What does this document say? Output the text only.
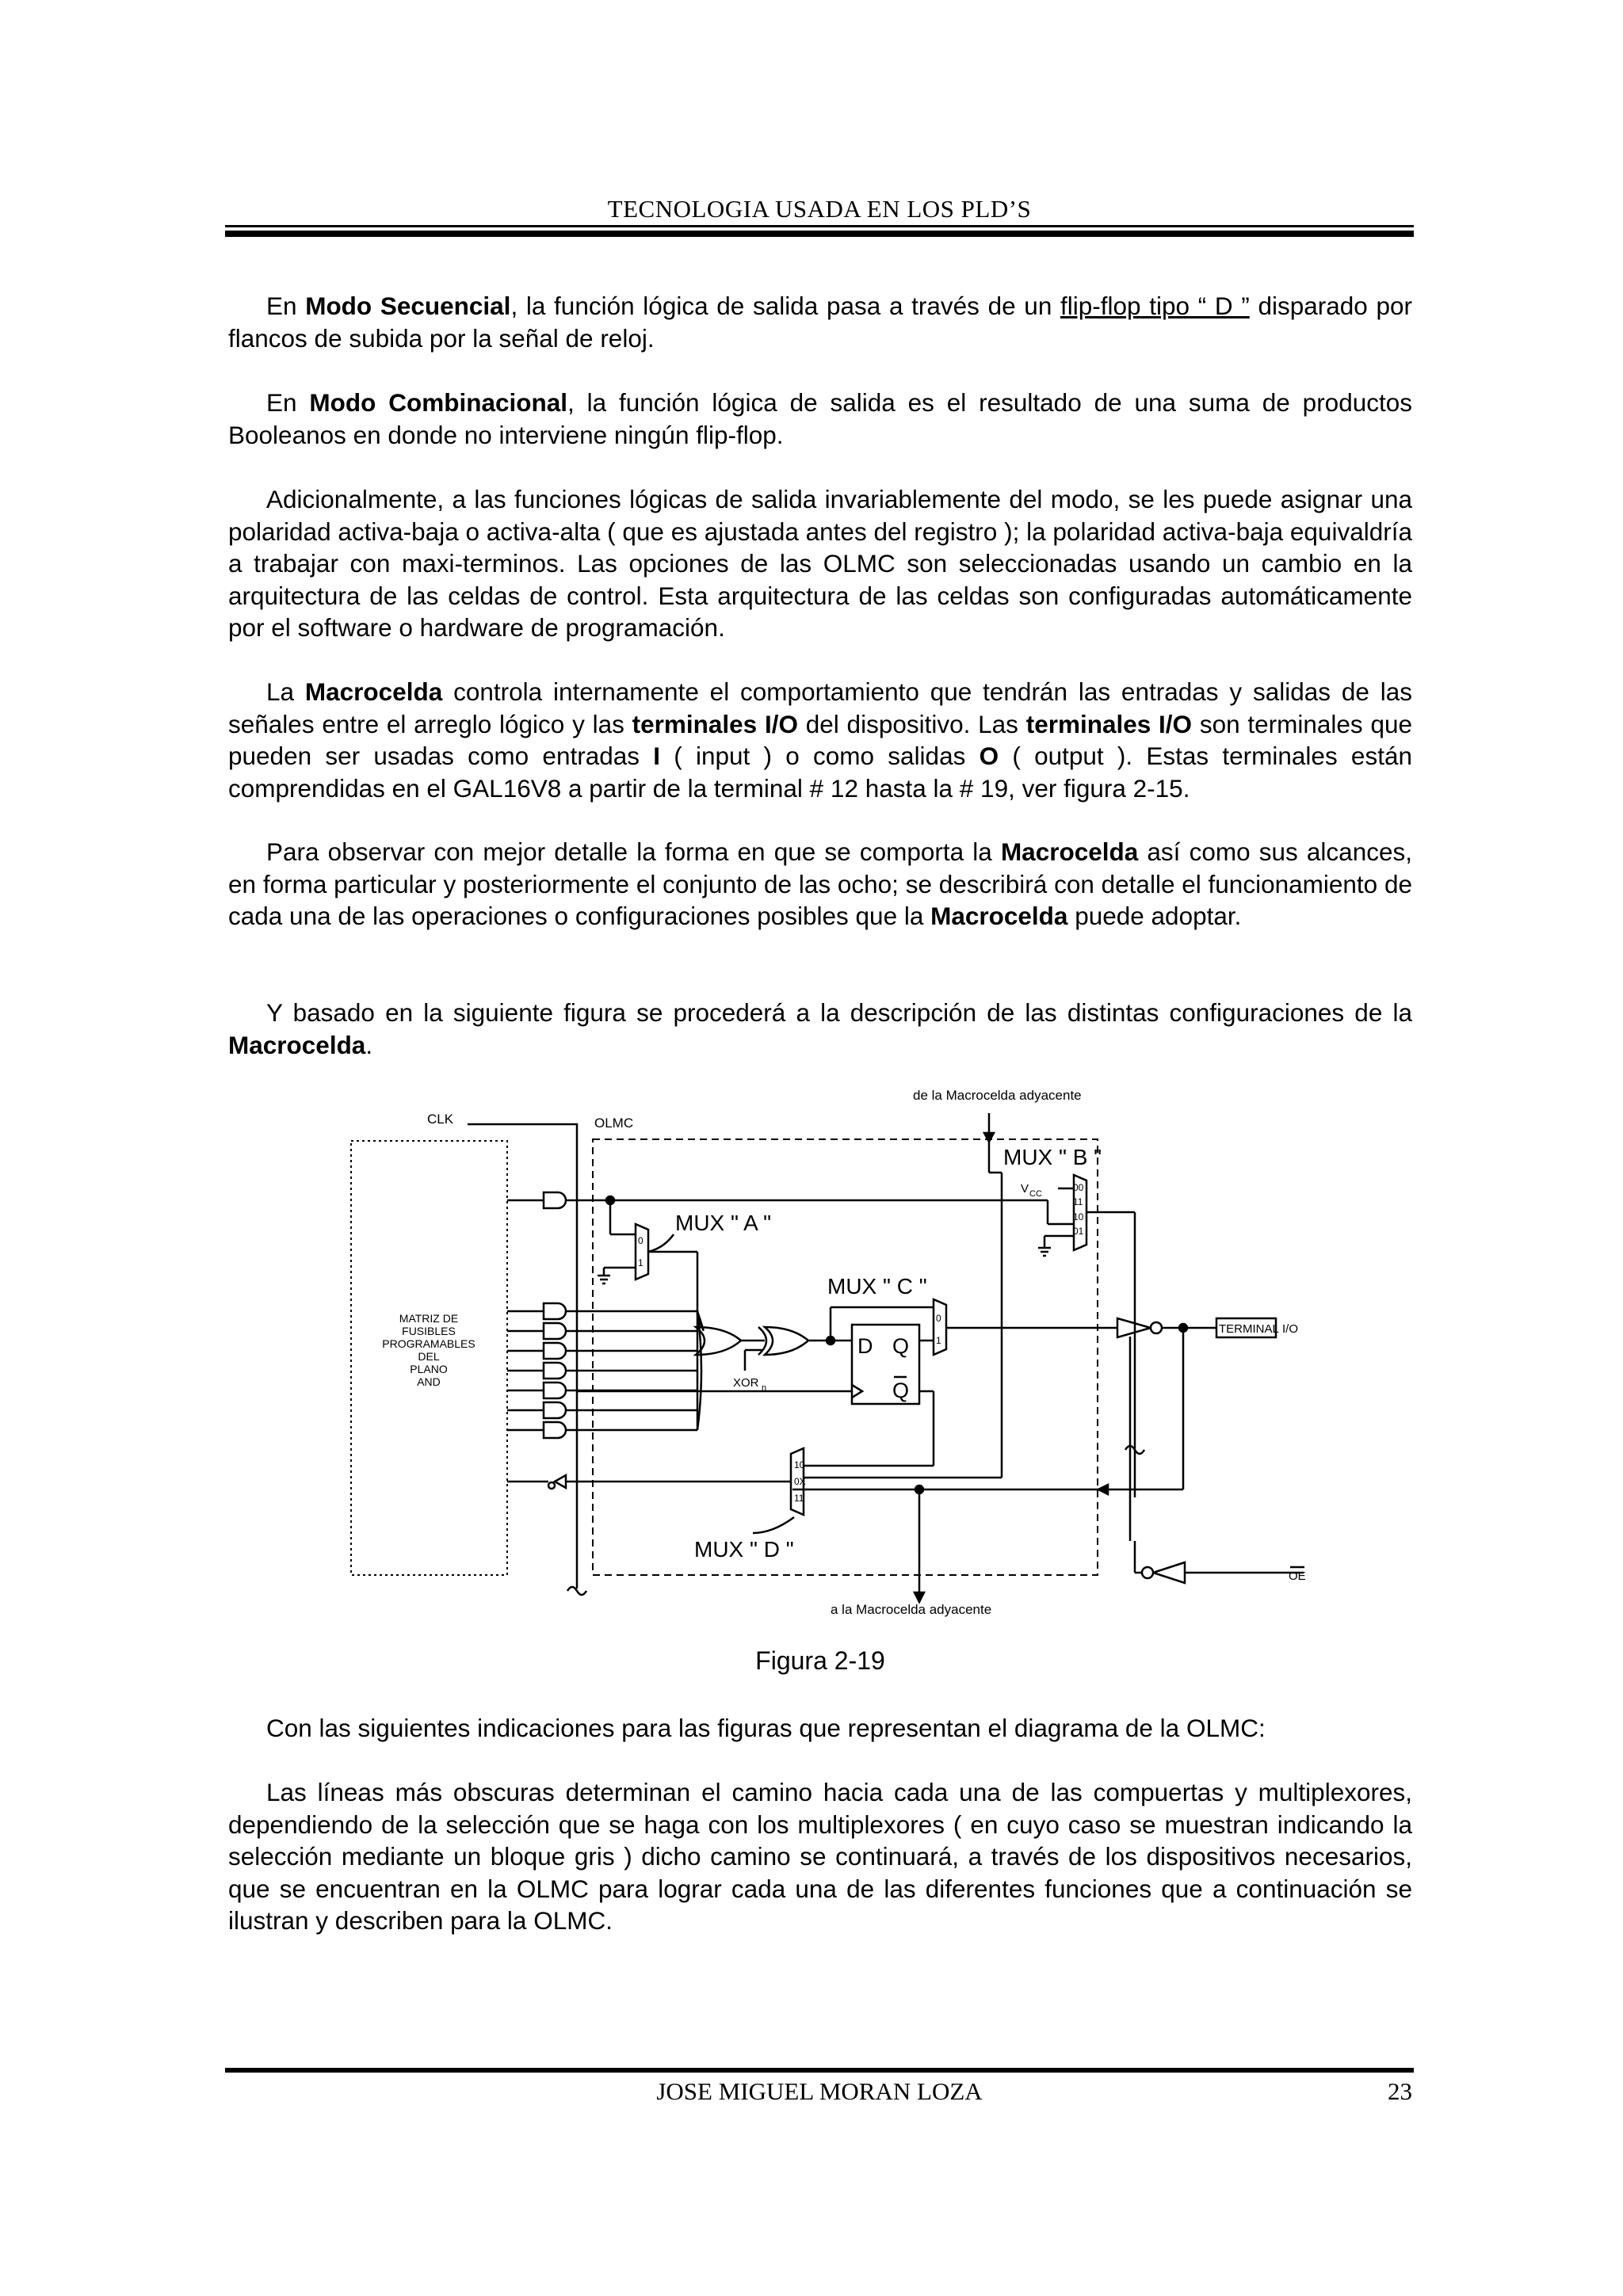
TECNOLOGIA USADA EN LOS PLD’S

En Modo Secuencial, la función lógica de salida pasa a través de un flip-flop tipo “ D ” disparado por flancos de subida por la señal de reloj.

En Modo Combinacional, la función lógica de salida es el resultado de una suma de productos Booleanos en donde no interviene ningún flip-flop.

Adicionalmente, a las funciones lógicas de salida invariablemente del modo, se les puede asignar una polaridad activa-baja o activa-alta ( que es ajustada antes del registro ); la polaridad activa-baja equivaldría a trabajar con maxi-terminos. Las opciones de las OLMC son seleccionadas usando un cambio en la arquitectura de las celdas de control. Esta arquitectura de las celdas son configuradas automáticamente por el software o hardware de programación.

La Macrocelda controla internamente el comportamiento que tendrán las entradas y salidas de las señales entre el arreglo lógico y las terminales I/O del dispositivo. Las terminales I/O son terminales que pueden ser usadas como entradas I ( input ) o como salidas O ( output ). Estas terminales están comprendidas en el GAL16V8 a partir de la terminal # 12 hasta la # 19, ver figura 2-15.

Para observar con mejor detalle la forma en que se comporta la Macrocelda así como sus alcances, en forma particular y posteriormente el conjunto de las ocho; se describirá con detalle el funcionamiento de cada una de las operaciones o configuraciones posibles que la Macrocelda puede adoptar.

Y basado en la siguiente figura se procederá a la descripción de las distintas configuraciones de la Macrocelda.

CLK	OLMC
de la Macrocelda adyacente
a la Macrocelda adyacente
MUX " A "
MUX " B "
MUX " C "
MUX " D "
MATRIZ DE
FUSIBLES
PROGRAMABLES
DEL
PLANO
AND
V CC
XOR n
D Q
Q
TERMINAL I/O
OE
0
1
00
11
10
01
0
1
10
0X
11
Figura 2-19

Con las siguientes indicaciones para las figuras que representan el diagrama de la OLMC:

Las líneas más obscuras determinan el camino hacia cada una de las compuertas y multiplexores, dependiendo de la selección que se haga con los multiplexores ( en cuyo caso se muestran indicando la selección mediante un bloque gris ) dicho camino se continuará, a través de los dispositivos necesarios, que se encuentran en la OLMC para lograr cada una de las diferentes funciones que a continuación se ilustran y describen para la OLMC.

JOSE MIGUEL MORAN LOZA	23
